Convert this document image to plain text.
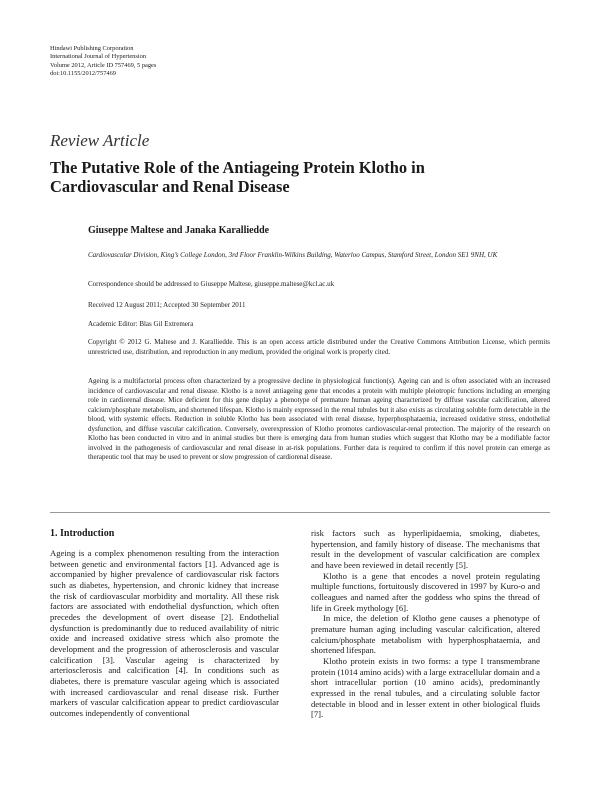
Hindawi Publishing Corporation
International Journal of Hypertension
Volume 2012, Article ID 757469, 5 pages
doi:10.1155/2012/757469
Review Article
The Putative Role of the Antiageing Protein Klotho in Cardiovascular and Renal Disease
Giuseppe Maltese and Janaka Karalliedde
Cardiovascular Division, King’s College London, 3rd Floor Franklin-Wilkins Building, Waterloo Campus, Stamford Street, London SE1 9NH, UK
Correspondence should be addressed to Giuseppe Maltese, giuseppe.maltese@kcl.ac.uk
Received 12 August 2011; Accepted 30 September 2011
Academic Editor: Blas Gil Extremera
Copyright © 2012 G. Maltese and J. Karalliedde. This is an open access article distributed under the Creative Commons Attribution License, which permits unrestricted use, distribution, and reproduction in any medium, provided the original work is properly cited.
Ageing is a multifactorial process often characterized by a progressive decline in physiological function(s). Ageing can and is often associated with an increased incidence of cardiovascular and renal disease. Klotho is a novel antiageing gene that encodes a protein with multiple pleiotropic functions including an emerging role in cardiorenal disease. Mice deficient for this gene display a phenotype of premature human ageing characterized by diffuse vascular calcification, altered calcium/phosphate metabolism, and shortened lifespan. Klotho is mainly expressed in the renal tubules but it also exists as circulating soluble form detectable in the blood, with systemic effects. Reduction in soluble Klotho has been associated with renal disease, hyperphosphataemia, increased oxidative stress, endothelial dysfunction, and diffuse vascular calcification. Conversely, overexpression of Klotho promotes cardiovascular-renal protection. The majority of the research on Klotho has been conducted in vitro and in animal studies but there is emerging data from human studies which suggest that Klotho may be a modifiable factor involved in the pathogenesis of cardiovascular and renal disease in at-risk populations. Further data is required to confirm if this novel protein can emerge as therapeutic tool that may be used to prevent or slow progression of cardiorenal disease.
1. Introduction

Ageing is a complex phenomenon resulting from the interaction between genetic and environmental factors [1]. Advanced age is accompanied by higher prevalence of cardiovascular risk factors such as diabetes, hypertension, and chronic kidney that increase the risk of cardiovascular morbidity and mortality. All these risk factors are associated with endothelial dysfunction, which often precedes the development of overt disease [2]. Endothelial dysfunction is predominantly due to reduced availability of nitric oxide and increased oxidative stress which also promote the development and the progression of atherosclerosis and vascular calcification [3]. Vascular ageing is characterized by arteriosclerosis and calcification [4]. In conditions such as diabetes, there is premature vascular ageing which is associated with increased cardiovascular and renal disease risk. Further markers of vascular calcification appear to predict cardiovascular outcomes independently of conventional

risk factors such as hyperlipidaemia, smoking, diabetes, hypertension, and family history of disease. The mechanisms that result in the development of vascular calcification are complex and have been reviewed in detail recently [5].

Klotho is a gene that encodes a novel protein regulating multiple functions, fortuitously discovered in 1997 by Kuro-o and colleagues and named after the goddess who spins the thread of life in Greek mythology [6].

In mice, the deletion of Klotho gene causes a phenotype of premature human aging including vascular calcification, altered calcium/phosphate metabolism with hyperphosphataemia, and shortened lifespan.

Klotho protein exists in two forms: a type I transmembrane protein (1014 amino acids) with a large extracellular domain and a short intracellular portion (10 amino acids), predominantly expressed in the renal tubules, and a circulating soluble factor detectable in blood and in lesser extent in other biological fluids [7].
